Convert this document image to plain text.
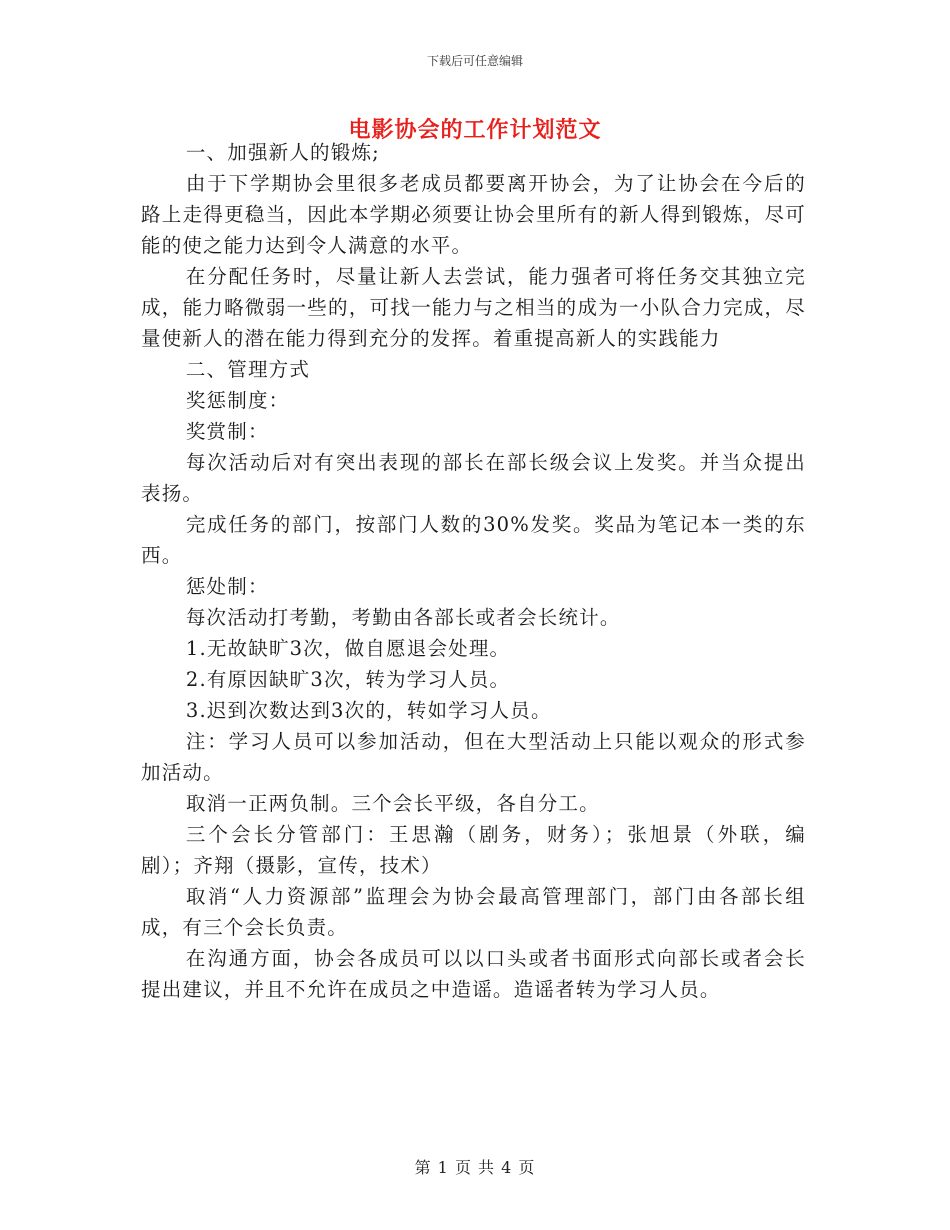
下载后可任意编辑
电影协会的工作计划范文

一、加强新人的锻炼;

由于下学期协会里很多老成员都要离开协会，为了让协会在今后的路上走得更稳当，因此本学期必须要让协会里所有的新人得到锻炼，尽可能的使之能力达到令人满意的水平。

在分配任务时，尽量让新人去尝试，能力强者可将任务交其独立完成，能力略微弱一些的，可找一能力与之相当的成为一小队合力完成，尽量使新人的潜在能力得到充分的发挥。着重提高新人的实践能力

二、管理方式

奖惩制度：

奖赏制：

每次活动后对有突出表现的部长在部长级会议上发奖。并当众提出表扬。

完成任务的部门，按部门人数的30%发奖。奖品为笔记本一类的东西。

惩处制：

每次活动打考勤，考勤由各部长或者会长统计。

1.无故缺旷3次，做自愿退会处理。

2.有原因缺旷3次，转为学习人员。

3.迟到次数达到3次的，转如学习人员。

注：学习人员可以参加活动，但在大型活动上只能以观众的形式参加活动。

取消一正两负制。三个会长平级，各自分工。

三个会长分管部门：王思瀚（剧务，财务）；张旭景（外联，编剧）；齐翔（摄影，宣传，技术）

取消“人力资源部”监理会为协会最高管理部门，部门由各部长组成，有三个会长负责。

在沟通方面，协会各成员可以以口头或者书面形式向部长或者会长提出建议，并且不允许在成员之中造谣。造谣者转为学习人员。

第 1 页 共 4 页
